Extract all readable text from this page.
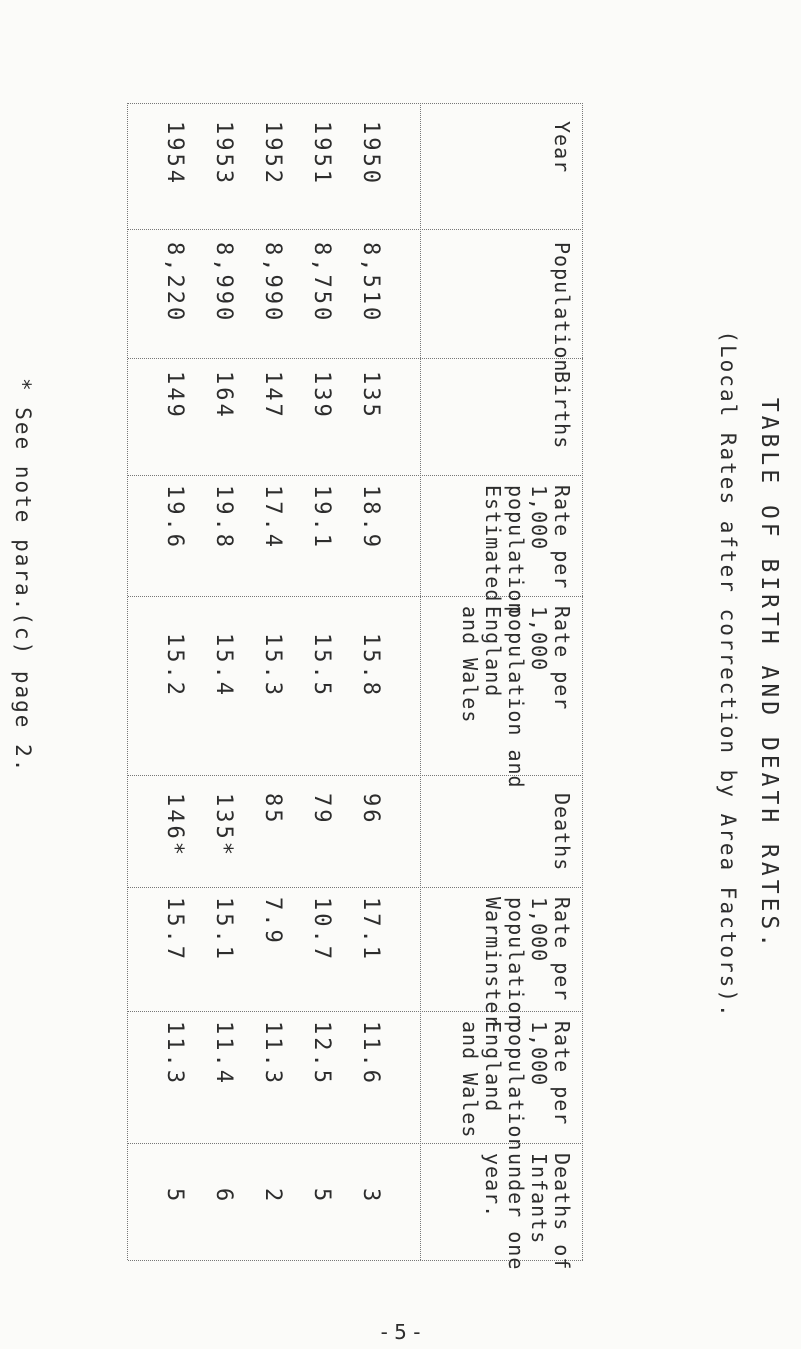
TABLE OF BIRTH AND DEATH RATES.
(Local Rates after correction by Area Factors).
Year
Population
Births
Rate per
1,000
population
Estimated
Rate per
1,000
population and
England
and Wales
Deaths
Rate per
1,000
population
Warminster
Rate per
1,000
population
England
and Wales
Deaths of
Infants
under one
year.
1950
8,510
135
18.9
15.8
96
17.1
11.6
3
1951
8,750
139
19.1
15.5
79
10.7
12.5
5
1952
8,990
147
17.4
15.3
85
7.9
11.3
2
1953
8,990
164
19.8
15.4
135*
15.1
11.4
6
1954
8,220
149
19.6
15.2
146*
15.7
11.3
5
* See note para.(c) page 2.
- 5 -
